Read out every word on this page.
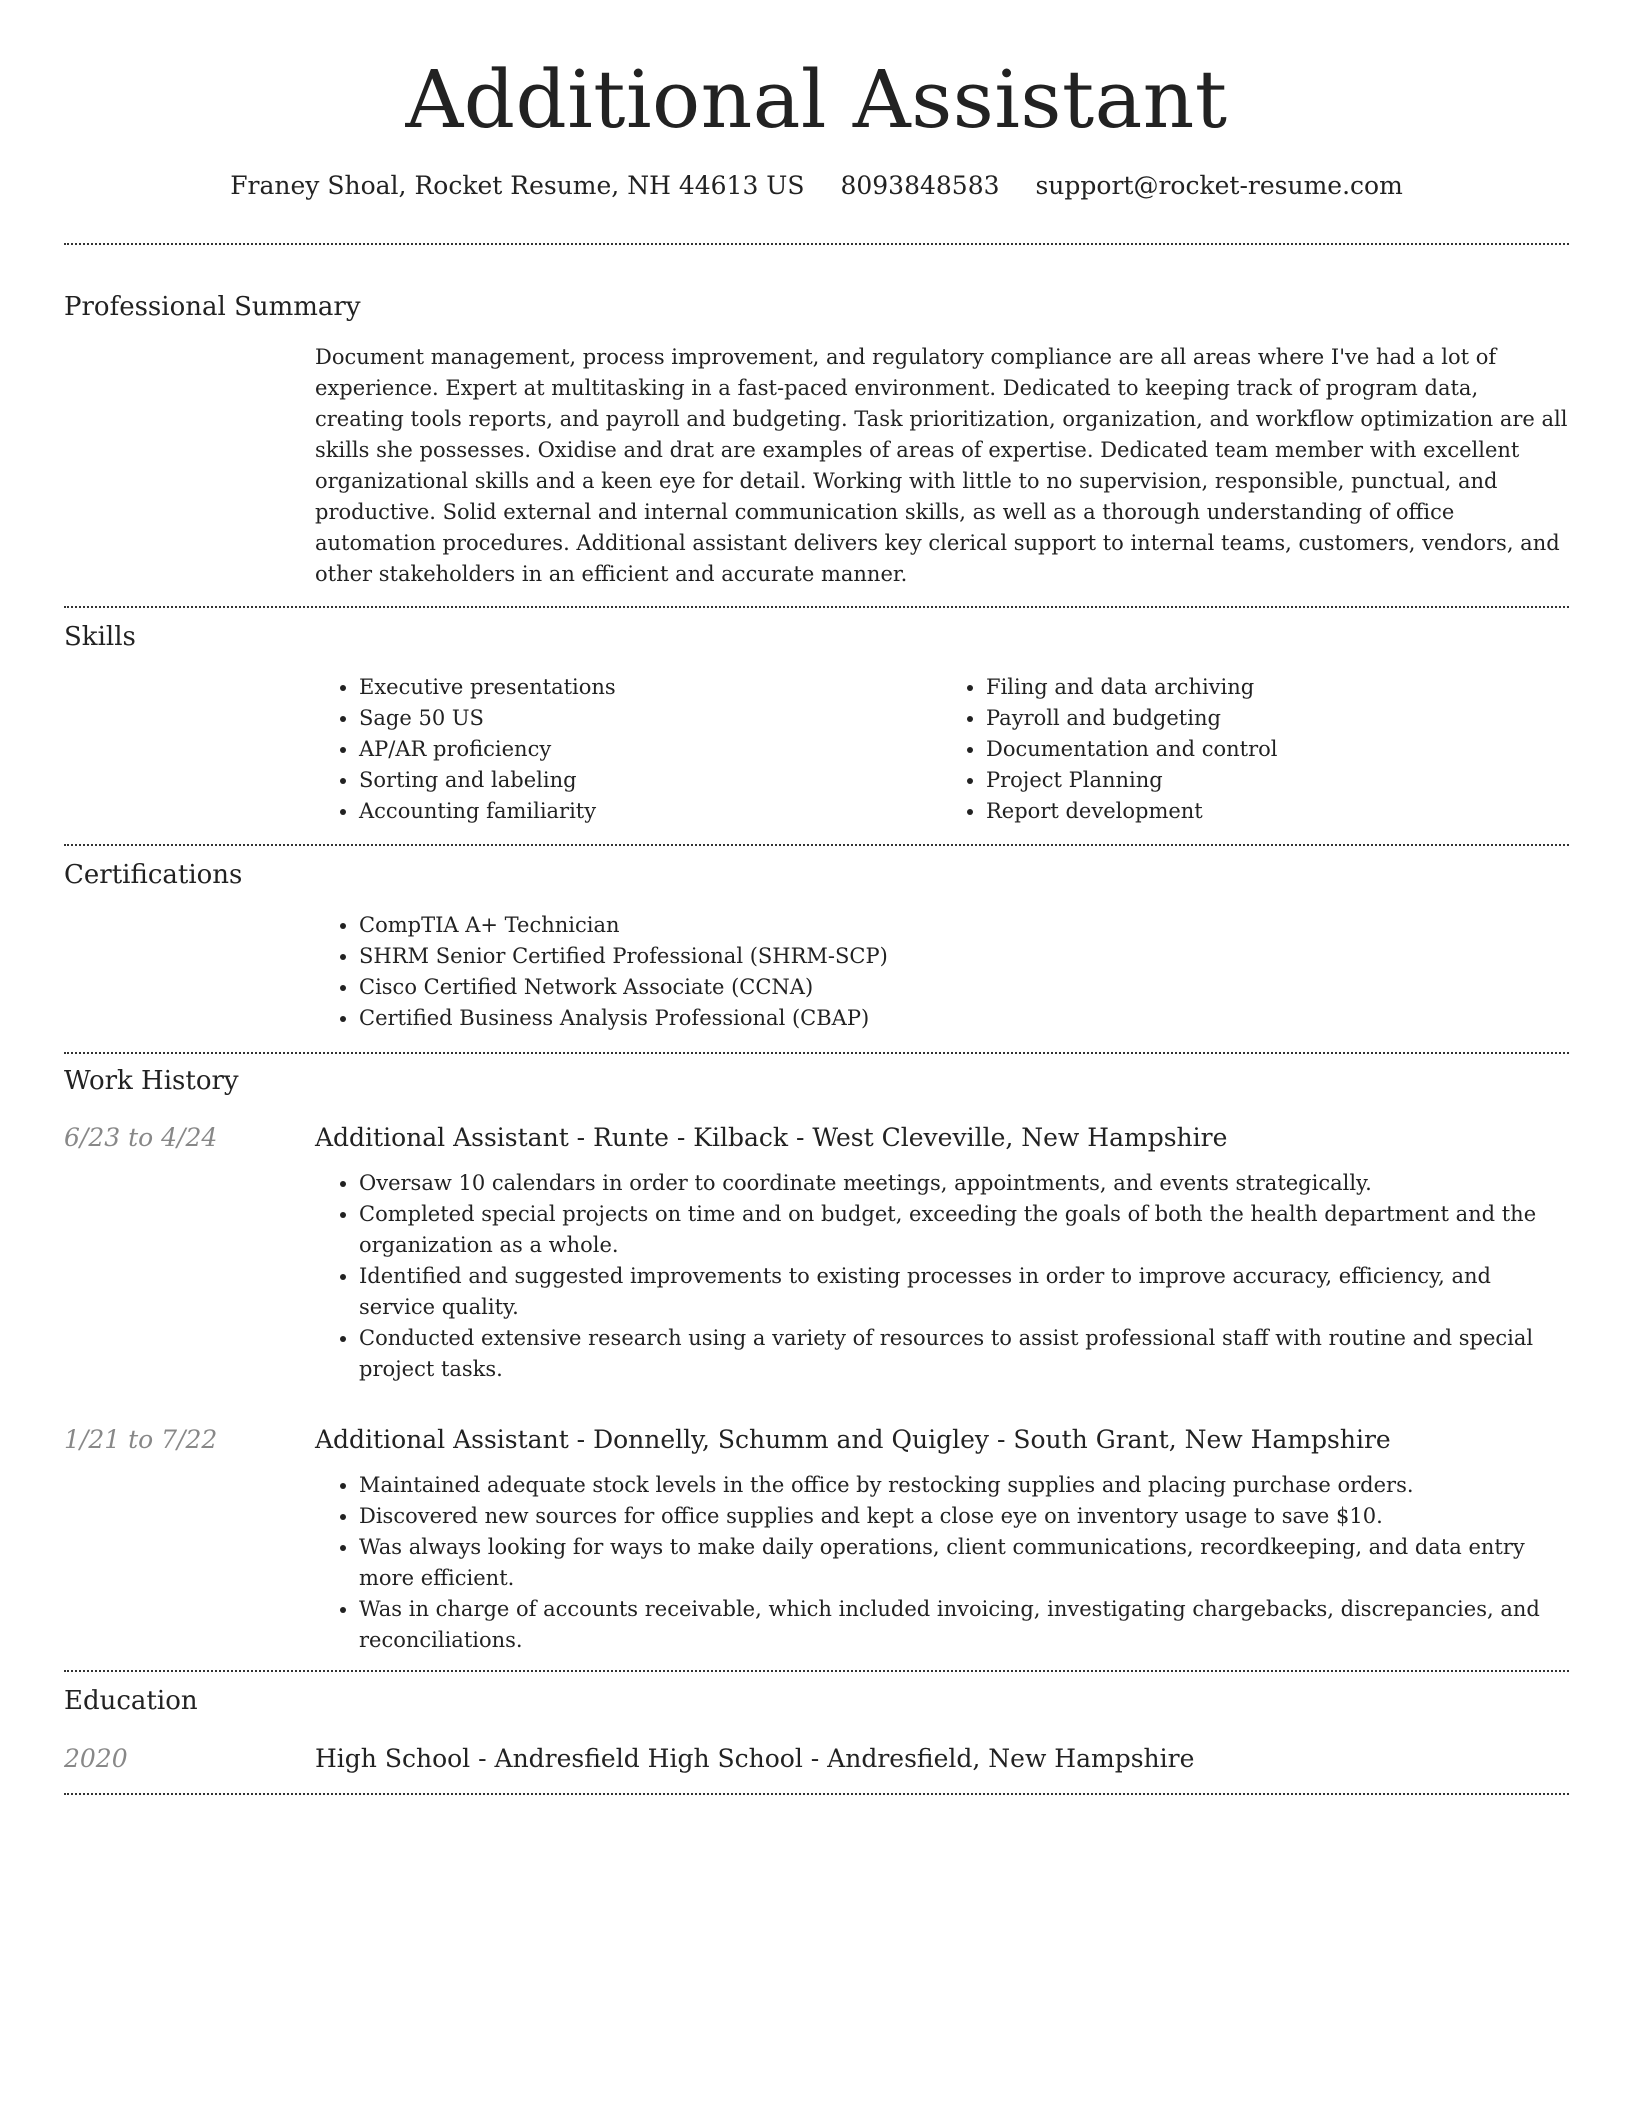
Additional Assistant
Franey Shoal, Rocket Resume, NH 44613 US 8093848583 support@rocket-resume.com
Professional Summary

Document management, process improvement, and regulatory compliance are all areas where I've had a lot of experience. Expert at multitasking in a fast-paced environment. Dedicated to keeping track of program data, creating tools reports, and payroll and budgeting. Task prioritization, organization, and workflow optimization are all skills she possesses. Oxidise and drat are examples of areas of expertise. Dedicated team member with excellent organizational skills and a keen eye for detail. Working with little to no supervision, responsible, punctual, and productive. Solid external and internal communication skills, as well as a thorough understanding of office automation procedures. Additional assistant delivers key clerical support to internal teams, customers, vendors, and other stakeholders in an efficient and accurate manner.

Skills
• Executive presentations
• Sage 50 US
• AP/AR proficiency
• Sorting and labeling
• Accounting familiarity
• Filing and data archiving
• Payroll and budgeting
• Documentation and control
• Project Planning
• Report development
Certifications
• CompTIA A+ Technician
• SHRM Senior Certified Professional (SHRM-SCP)
• Cisco Certified Network Associate (CCNA)
• Certified Business Analysis Professional (CBAP)
Work History
6/23 to 4/24	Additional Assistant - Runte - Kilback - West Cleveville, New Hampshire
• Oversaw 10 calendars in order to coordinate meetings, appointments, and events strategically.
• Completed special projects on time and on budget, exceeding the goals of both the health department and the organization as a whole.
• Identified and suggested improvements to existing processes in order to improve accuracy, efficiency, and service quality.
• Conducted extensive research using a variety of resources to assist professional staff with routine and special project tasks.
1/21 to 7/22	Additional Assistant - Donnelly, Schumm and Quigley - South Grant, New Hampshire
• Maintained adequate stock levels in the office by restocking supplies and placing purchase orders.
• Discovered new sources for office supplies and kept a close eye on inventory usage to save $10.
• Was always looking for ways to make daily operations, client communications, recordkeeping, and data entry more efficient.
• Was in charge of accounts receivable, which included invoicing, investigating chargebacks, discrepancies, and reconciliations.
Education
2020	High School - Andresfield High School - Andresfield, New Hampshire
